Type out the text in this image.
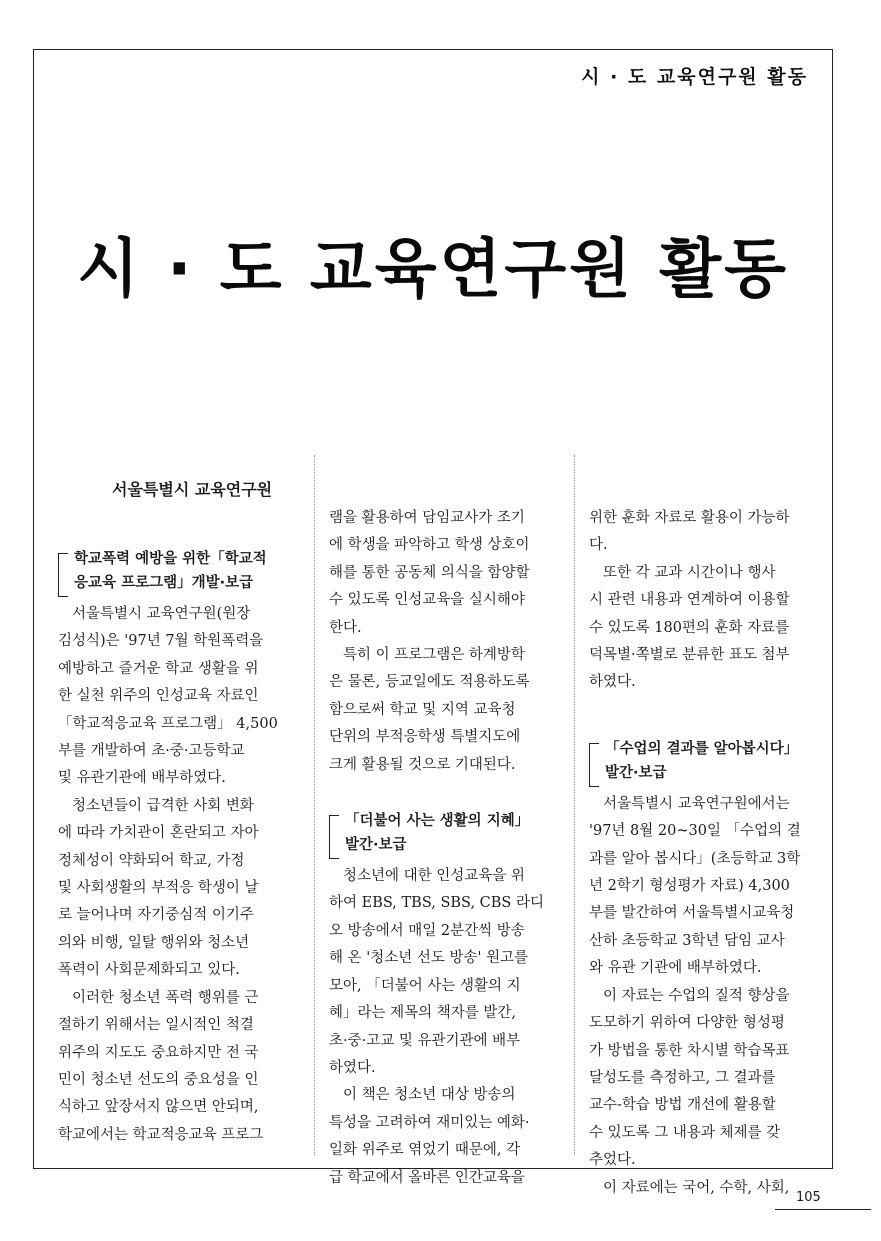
시 · 도 교육연구원 활동
시 · 도 교육연구원 활동
서울특별시 교육연구원
학교폭력 예방을 위한「학교적
응교육 프로그램」개발·보급

서울특별시 교육연구원(원장
김성식)은 '97년 7월 학원폭력을
예방하고 즐거운 학교 생활을 위
한 실천 위주의 인성교육 자료인
「학교적응교육 프로그램」 4,500
부를 개발하여 초·중·고등학교
및 유관기관에 배부하였다.

청소년들이 급격한 사회 변화
에 따라 가치관이 혼란되고 자아
정체성이 약화되어 학교, 가정
및 사회생활의 부적응 학생이 날
로 늘어나며 자기중심적 이기주
의와 비행, 일탈 행위와 청소년
폭력이 사회문제화되고 있다.

이러한 청소년 폭력 행위를 근
절하기 위해서는 일시적인 척결
위주의 지도도 중요하지만 전 국
민이 청소년 선도의 중요성을 인
식하고 앞장서지 않으면 안되며,
학교에서는 학교적응교육 프로그

램을 활용하여 담임교사가 조기
에 학생을 파악하고 학생 상호이
해를 통한 공동체 의식을 함양할
수 있도록 인성교육을 실시해야
한다.

특히 이 프로그램은 하계방학
은 물론, 등교일에도 적용하도록
함으로써 학교 및 지역 교육청
단위의 부적응학생 특별지도에
크게 활용될 것으로 기대된다.

「더불어 사는 생활의 지혜」
발간·보급

청소년에 대한 인성교육을 위
하여 EBS, TBS, SBS, CBS 라디
오 방송에서 매일 2분간씩 방송
해 온 '청소년 선도 방송' 원고를
모아, 「더불어 사는 생활의 지
혜」라는 제목의 책자를 발간,
초·중·고교 및 유관기관에 배부
하였다.

이 책은 청소년 대상 방송의
특성을 고려하여 재미있는 예화·
일화 위주로 엮었기 때문에, 각
급 학교에서 올바른 인간교육을

위한 훈화 자료로 활용이 가능하
다.

또한 각 교과 시간이나 행사
시 관련 내용과 연계하여 이용할
수 있도록 180편의 훈화 자료를
덕목별·쪽별로 분류한 표도 첨부
하였다.

「수업의 결과를 알아봅시다」
발간·보급

서울특별시 교육연구원에서는
'97년 8월 20~30일 「수업의 결
과를 알아 봅시다」(초등학교 3학
년 2학기 형성평가 자료) 4,300
부를 발간하여 서울특별시교육청
산하 초등학교 3학년 담임 교사
와 유관 기관에 배부하였다.

이 자료는 수업의 질적 향상을
도모하기 위하여 다양한 형성평
가 방법을 통한 차시별 학습목표
달성도를 측정하고, 그 결과를
교수-학습 방법 개선에 활용할
수 있도록 그 내용과 체제를 갖
추었다.

이 자료에는 국어, 수학, 사회,

105
